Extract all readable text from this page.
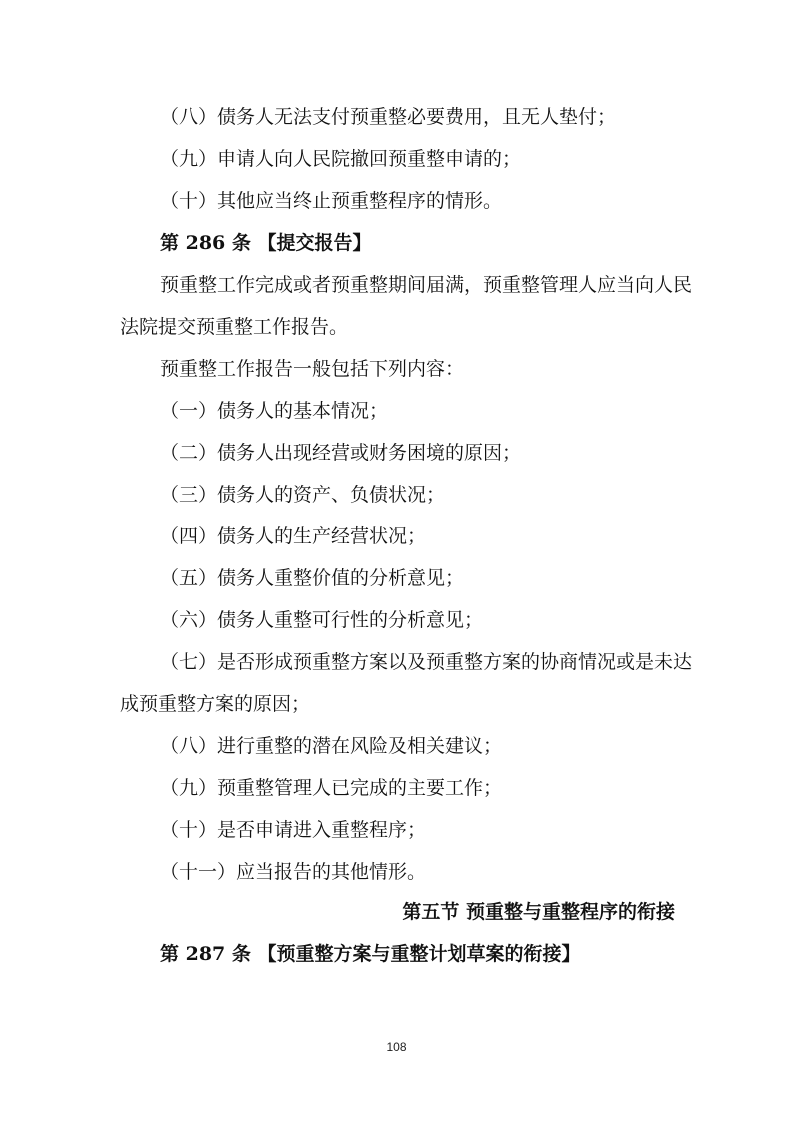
（八）债务人无法支付预重整必要费用，且无人垫付；

（九）申请人向人民院撤回预重整申请的；

（十）其他应当终止预重整程序的情形。

第 286 条 【提交报告】

预重整工作完成或者预重整期间届满，预重整管理人应当向人民

法院提交预重整工作报告。

预重整工作报告一般包括下列内容：

（一）债务人的基本情况；

（二）债务人出现经营或财务困境的原因；

（三）债务人的资产、负债状况；

（四）债务人的生产经营状况；

（五）债务人重整价值的分析意见；

（六）债务人重整可行性的分析意见；

（七）是否形成预重整方案以及预重整方案的协商情况或是未达

成预重整方案的原因；

（八）进行重整的潜在风险及相关建议；

（九）预重整管理人已完成的主要工作；

（十）是否申请进入重整程序；

（十一）应当报告的其他情形。

第五节 预重整与重整程序的衔接

第 287 条 【预重整方案与重整计划草案的衔接】

108
